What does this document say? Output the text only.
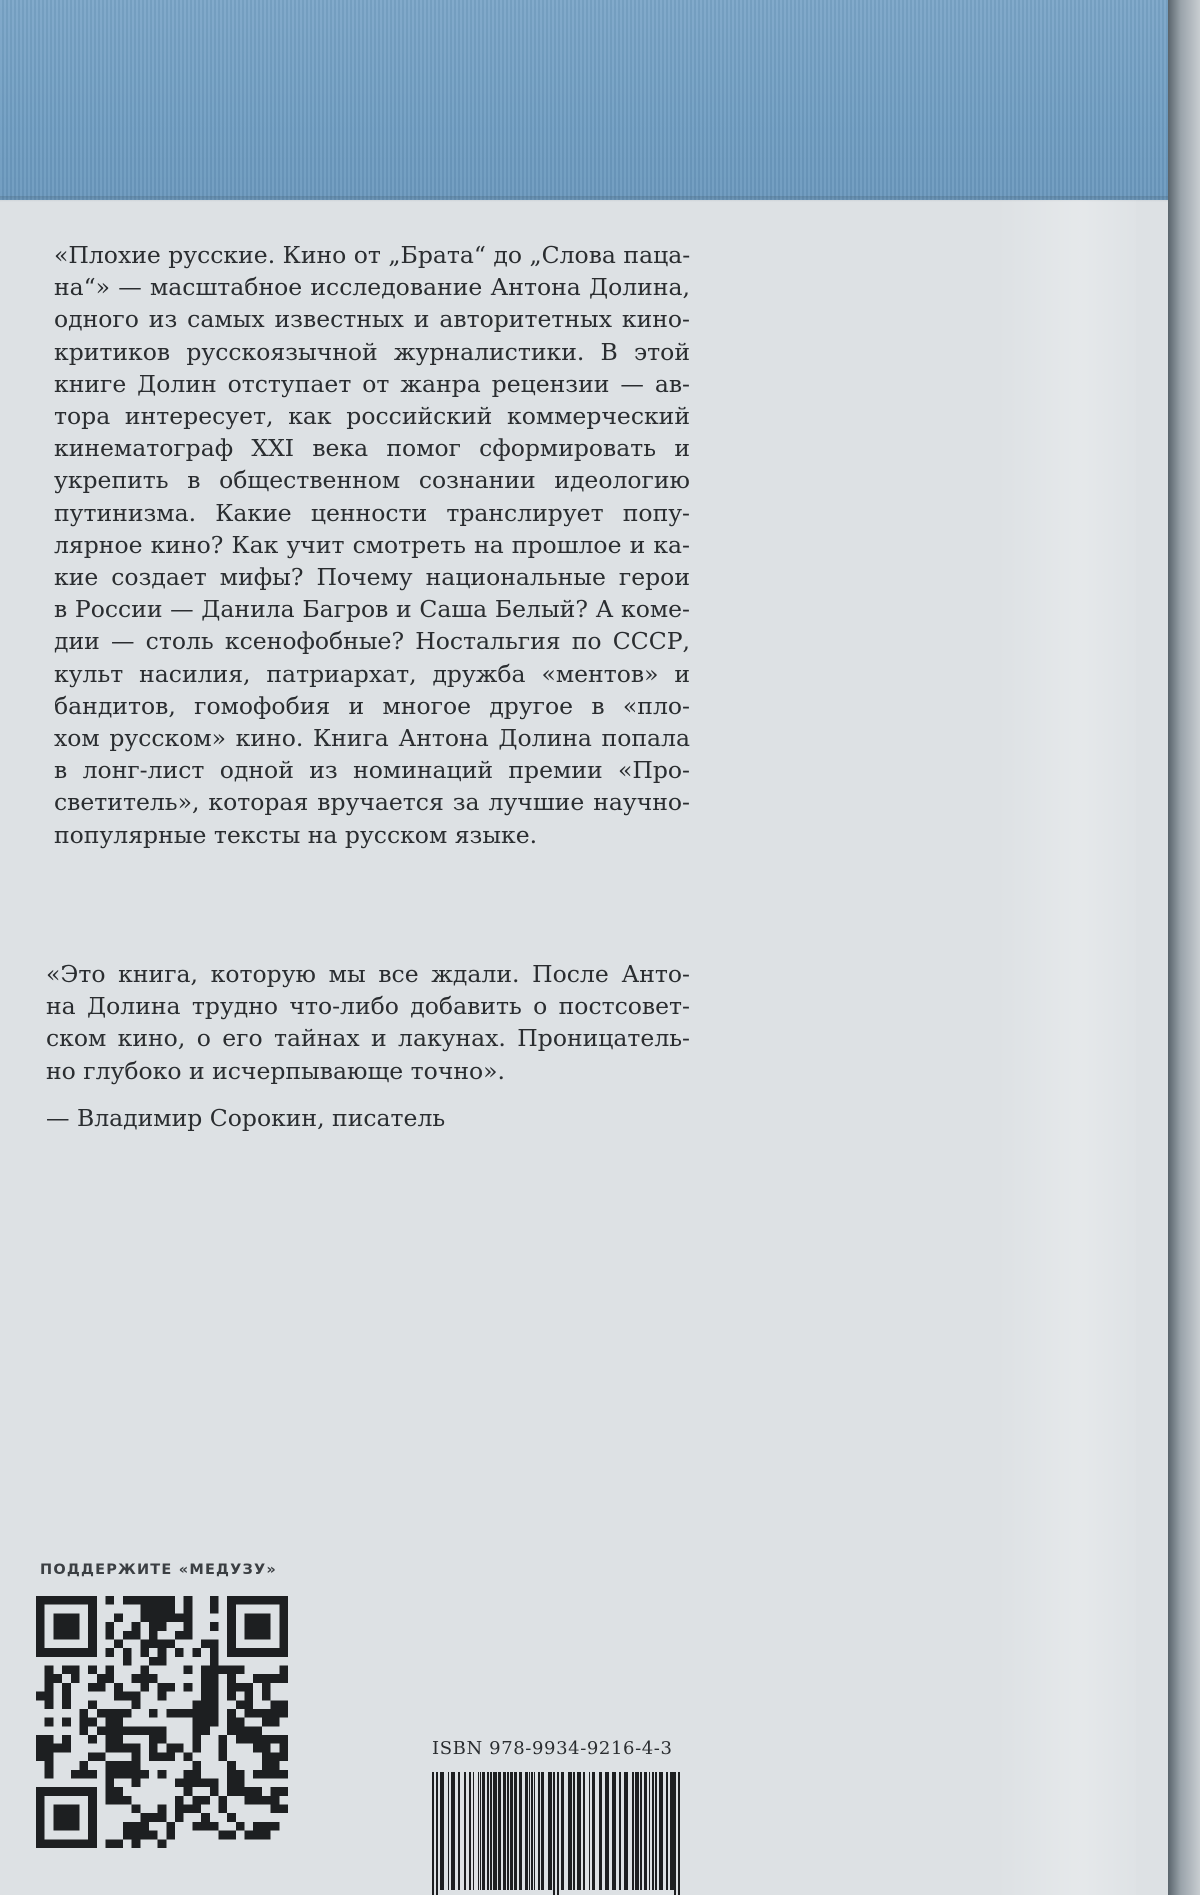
«Плохие русские. Кино от „Брата“ до „Слова паца-
на“» — масштабное исследование Антона Долина,
одного из самых известных и авторитетных кино-
критиков русскоязычной журналистики. В этой
книге Долин отступает от жанра рецензии — ав-
тора интересует, как российский коммерческий
кинематограф XXI века помог сформировать и
укрепить в общественном сознании идеологию
путинизма. Какие ценности транслирует попу-
лярное кино? Как учит смотреть на прошлое и ка-
кие создает мифы? Почему национальные герои
в России — Данила Багров и Саша Белый? А коме-
дии — столь ксенофобные? Ностальгия по СССР,
культ насилия, патриархат, дружба «ментов» и
бандитов, гомофобия и многое другое в «пло-
хом русском» кино. Книга Антона Долина попала
в лонг-лист одной из номинаций премии «Про-
светитель», которая вручается за лучшие научно-
популярные тексты на русском языке.
«Это книга, которую мы все ждали. После Анто-
на Долина трудно что-либо добавить о постсовет-
ском кино, о его тайнах и лакунах. Проницатель-
но глубоко и исчерпывающе точно».
— Владимир Сорокин, писатель
ПОДДЕРЖИТЕ «МЕДУЗУ»
ISBN 978-9934-9216-4-3
